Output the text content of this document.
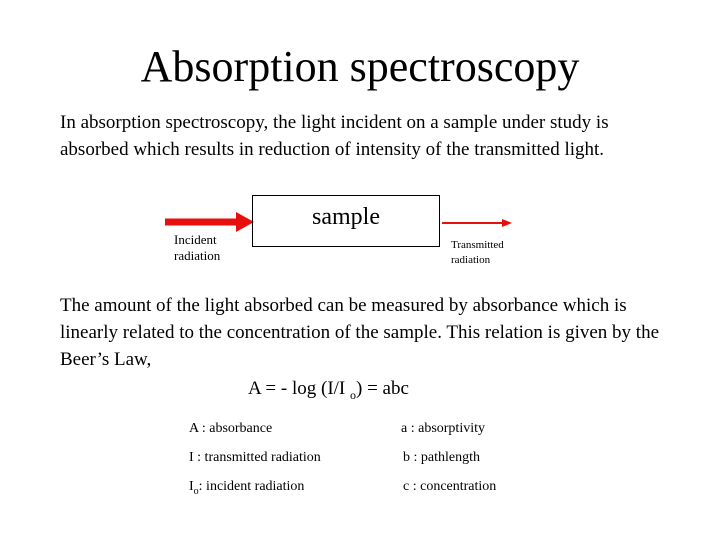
Absorption spectroscopy
In absorption spectroscopy, the light incident on a sample under study is absorbed which results in reduction of intensity of the transmitted light.
sample
Incident
radiation
Transmitted
radiation
The amount of the light absorbed can be measured by absorbance which is linearly related to the concentration of the sample. This relation is given by the Beer’s Law,
A = - log (I/I $_o$) = abc
A : absorbance
I : transmitted radiation
$I_o$: incident radiation
a : absorptivity
b : pathlength
c : concentration
